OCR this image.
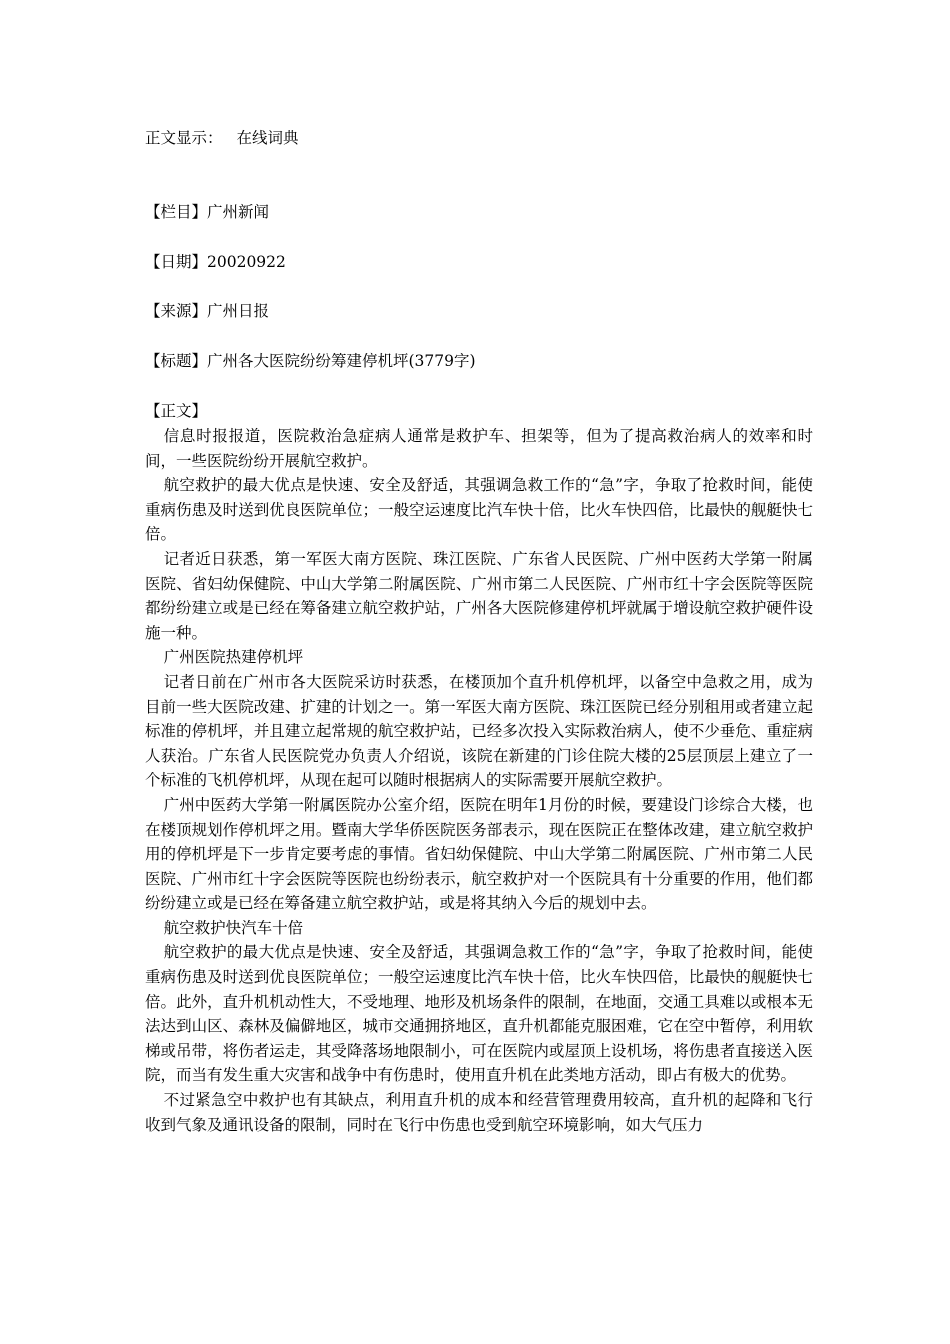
正文显示： 在线词典
【栏目】广州新闻
【日期】20020922
【来源】广州日报
【标题】广州各大医院纷纷筹建停机坪(3779字)
【正文】

信息时报报道，医院救治急症病人通常是救护车、担架等，但为了提高救治病人的效率和时间，一些医院纷纷开展航空救护。

航空救护的最大优点是快速、安全及舒适，其强调急救工作的“急”字，争取了抢救时间，能使重病伤患及时送到优良医院单位；一般空运速度比汽车快十倍，比火车快四倍，比最快的舰艇快七倍。

记者近日获悉，第一军医大南方医院、珠江医院、广东省人民医院、广州中医药大学第一附属医院、省妇幼保健院、中山大学第二附属医院、广州市第二人民医院、广州市红十字会医院等医院都纷纷建立或是已经在筹备建立航空救护站，广州各大医院修建停机坪就属于增设航空救护硬件设施一种。

广州医院热建停机坪

记者日前在广州市各大医院采访时获悉，在楼顶加个直升机停机坪，以备空中急救之用，成为目前一些大医院改建、扩建的计划之一。第一军医大南方医院、珠江医院已经分别租用或者建立起标准的停机坪，并且建立起常规的航空救护站，已经多次投入实际救治病人，使不少垂危、重症病人获治。广东省人民医院党办负责人介绍说，该院在新建的门诊住院大楼的25层顶层上建立了一个标准的飞机停机坪，从现在起可以随时根据病人的实际需要开展航空救护。

广州中医药大学第一附属医院办公室介绍，医院在明年1月份的时候，要建设门诊综合大楼，也在楼顶规划作停机坪之用。暨南大学华侨医院医务部表示，现在医院正在整体改建，建立航空救护用的停机坪是下一步肯定要考虑的事情。省妇幼保健院、中山大学第二附属医院、广州市第二人民医院、广州市红十字会医院等医院也纷纷表示，航空救护对一个医院具有十分重要的作用，他们都纷纷建立或是已经在筹备建立航空救护站，或是将其纳入今后的规划中去。

航空救护快汽车十倍

航空救护的最大优点是快速、安全及舒适，其强调急救工作的“急”字，争取了抢救时间，能使重病伤患及时送到优良医院单位；一般空运速度比汽车快十倍，比火车快四倍，比最快的舰艇快七倍。此外，直升机机动性大，不受地理、地形及机场条件的限制，在地面，交通工具难以或根本无法达到山区、森林及偏僻地区，城市交通拥挤地区，直升机都能克服困难，它在空中暂停，利用软梯或吊带，将伤者运走，其受降落场地限制小，可在医院内或屋顶上设机场，将伤患者直接送入医院，而当有发生重大灾害和战争中有伤患时，使用直升机在此类地方活动，即占有极大的优势。

不过紧急空中救护也有其缺点，利用直升机的成本和经营管理费用较高，直升机的起降和飞行收到气象及通讯设备的限制，同时在飞行中伤患也受到航空环境影响，如大气压力
